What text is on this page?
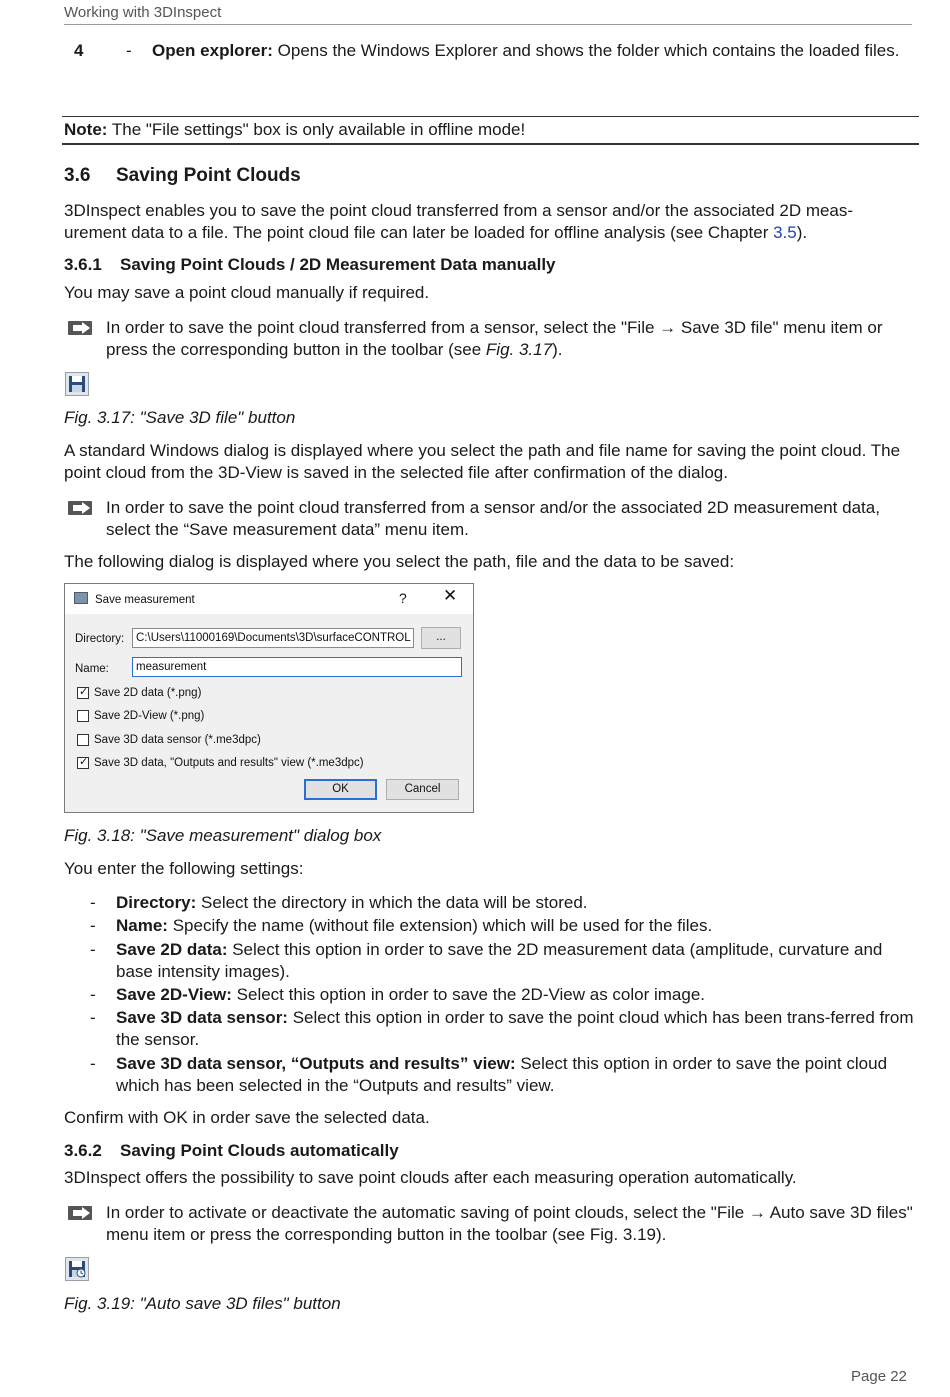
Working with 3DInspect
4	- Open explorer: Opens the Windows Explorer and shows the folder which contains the loaded files.
Note: The "File settings" box is only available in offline mode!
3.6 Saving Point Clouds
3DInspect enables you to save the point cloud transferred from a sensor and/or the associated 2D meas-urement data to a file. The point cloud file can later be loaded for offline analysis (see Chapter 3.5).
3.6.1 Saving Point Clouds / 2D Measurement Data manually
You may save a point cloud manually if required.
In order to save the point cloud transferred from a sensor, select the "File → Save 3D file" menu item or press the corresponding button in the toolbar (see Fig. 3.17).
Fig. 3.17: "Save 3D file" button
A standard Windows dialog is displayed where you select the path and file name for saving the point cloud. The point cloud from the 3D-View is saved in the selected file after confirmation of the dialog.
In order to save the point cloud transferred from a sensor and/or the associated 2D measurement data, select the “Save measurement data” menu item.
The following dialog is displayed where you select the path, file and the data to be saved:
Save measurement	? ✕
Directory:	C:\Users\11000169\Documents\3D\surfaceCONTROL	...
Name:	measurement
✓
Save 2D data (*.png)
Save 2D-View (*.png)
Save 3D data sensor (*.me3dpc)
✓
Save 3D data, "Outputs and results" view (*.me3dpc)
OK	Cancel
Fig. 3.18: "Save measurement" dialog box
You enter the following settings:
- Directory: Select the directory in which the data will be stored.
- Name: Specify the name (without file extension) which will be used for the files.
- Save 2D data: Select this option in order to save the 2D measurement data (amplitude, curvature and base intensity images).
- Save 2D-View: Select this option in order to save the 2D-View as color image.
- Save 3D data sensor: Select this option in order to save the point cloud which has been trans-ferred from the sensor.
- Save 3D data sensor, “Outputs and results” view: Select this option in order to save the point cloud which has been selected in the “Outputs and results” view.
Confirm with OK in order save the selected data.
3.6.2 Saving Point Clouds automatically
3DInspect offers the possibility to save point clouds after each measuring operation automatically.
In order to activate or deactivate the automatic saving of point clouds, select the "File → Auto save 3D files" menu item or press the corresponding button in the toolbar (see Fig. 3.19).
Fig. 3.19: "Auto save 3D files" button
Page 22
